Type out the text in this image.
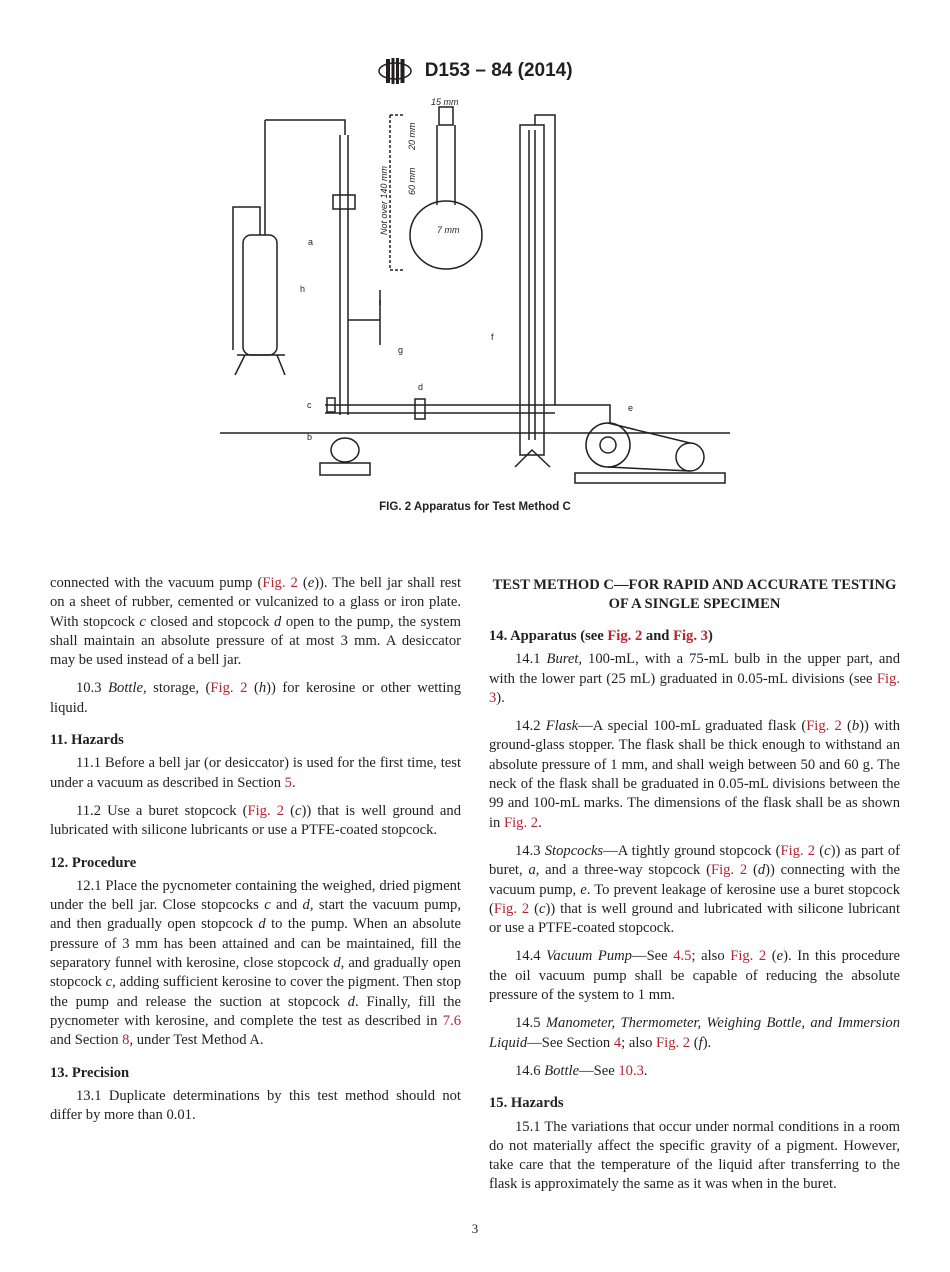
D153 – 84 (2014)
a
b
c
d
e
f
g
h
15 mm
20 mm
60 mm
7 mm
Not over 140 mm
FIG. 2 Apparatus for Test Method C

connected with the vacuum pump (Fig. 2 (e)). The bell jar shall rest on a sheet of rubber, cemented or vulcanized to a glass or iron plate. With stopcock c closed and stopcock d open to the pump, the system shall maintain an absolute pressure of at most 3 mm. A desiccator may be used instead of a bell jar.

10.3 Bottle, storage, (Fig. 2 (h)) for kerosine or other wetting liquid.

11. Hazards

11.1 Before a bell jar (or desiccator) is used for the first time, test under a vacuum as described in Section 5.

11.2 Use a buret stopcock (Fig. 2 (c)) that is well ground and lubricated with silicone lubricants or use a PTFE-coated stopcock.

12. Procedure

12.1 Place the pycnometer containing the weighed, dried pigment under the bell jar. Close stopcocks c and d, start the vacuum pump, and then gradually open stopcock d to the pump. When an absolute pressure of 3 mm has been attained and can be maintained, fill the separatory funnel with kerosine, close stopcock d, and gradually open stopcock c, adding sufficient kerosine to cover the pigment. Then stop the pump and release the suction at stopcock d. Finally, fill the pycnometer with kerosine, and complete the test as described in 7.6 and Section 8, under Test Method A.

13. Precision

13.1 Duplicate determinations by this test method should not differ by more than 0.01.

TEST METHOD C—FOR RAPID AND ACCURATE TESTING OF A SINGLE SPECIMEN
14. Apparatus (see Fig. 2 and Fig. 3)

14.1 Buret, 100-mL, with a 75-mL bulb in the upper part, and with the lower part (25 mL) graduated in 0.05-mL divisions (see Fig. 3).

14.2 Flask—A special 100-mL graduated flask (Fig. 2 (b)) with ground-glass stopper. The flask shall be thick enough to withstand an absolute pressure of 1 mm, and shall weigh between 50 and 60 g. The neck of the flask shall be graduated in 0.05-mL divisions between the 99 and 100-mL marks. The dimensions of the flask shall be as shown in Fig. 2.

14.3 Stopcocks—A tightly ground stopcock (Fig. 2 (c)) as part of buret, a, and a three-way stopcock (Fig. 2 (d)) connecting with the vacuum pump, e. To prevent leakage of kerosine use a buret stopcock (Fig. 2 (c)) that is well ground and lubricated with silicone lubricant or use a PTFE-coated stopcock.

14.4 Vacuum Pump—See 4.5; also Fig. 2 (e). In this procedure the oil vacuum pump shall be capable of reducing the absolute pressure of the system to 1 mm.

14.5 Manometer, Thermometer, Weighing Bottle, and Immersion Liquid—See Section 4; also Fig. 2 (f).

14.6 Bottle—See 10.3.

15. Hazards

15.1 The variations that occur under normal conditions in a room do not materially affect the specific gravity of a pigment. However, take care that the temperature of the liquid after transferring to the flask is approximately the same as it was when in the buret.

3
